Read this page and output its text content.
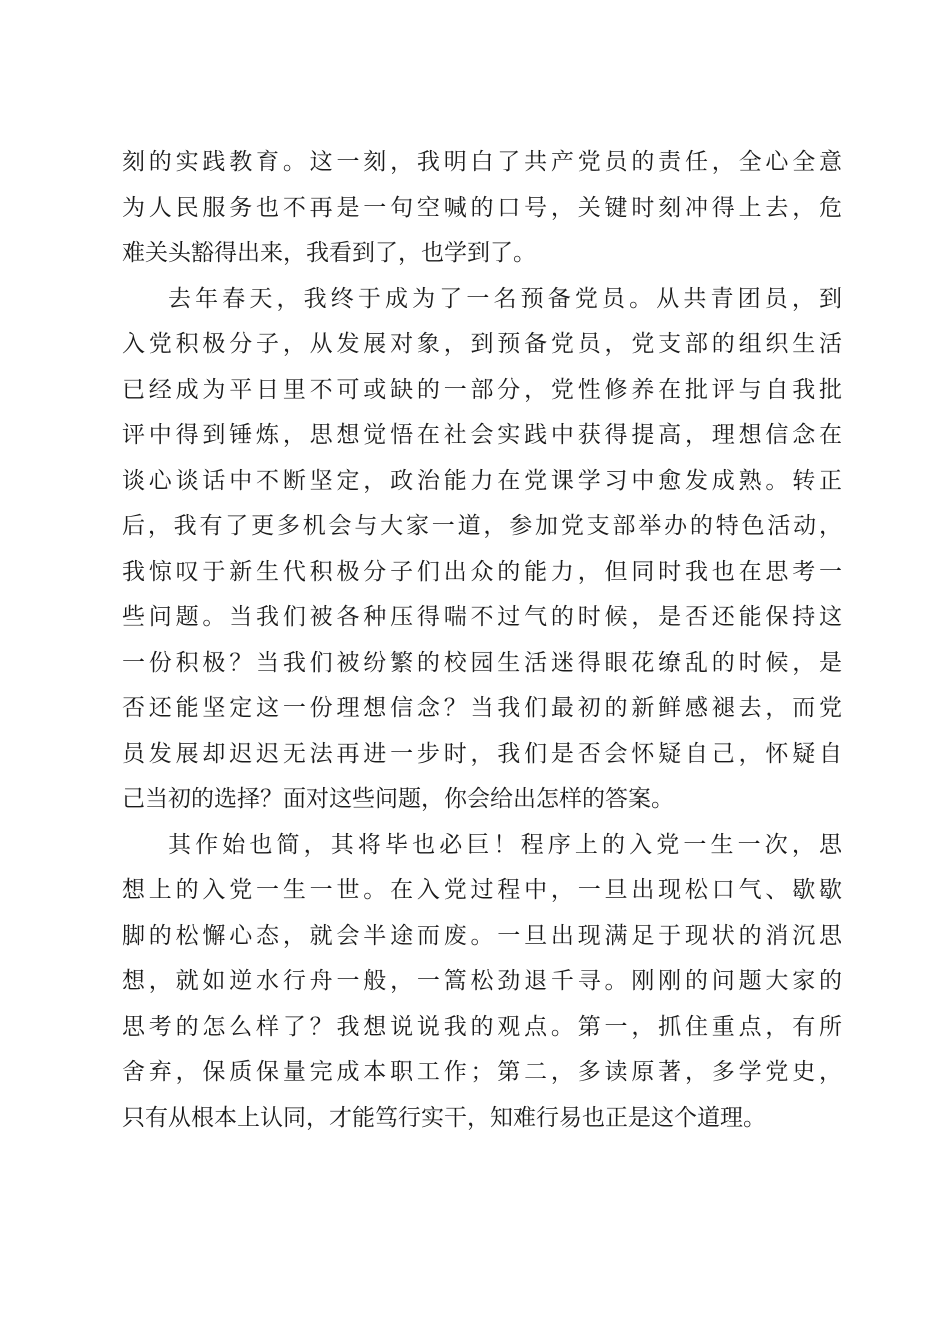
刻的实践教育。这一刻，我明白了共产党员的责任，全心全意
为人民服务也不再是一句空喊的口号，关键时刻冲得上去，危
难关头豁得出来，我看到了，也学到了。
去年春天，我终于成为了一名预备党员。从共青团员，到
入党积极分子，从发展对象，到预备党员，党支部的组织生活
已经成为平日里不可或缺的一部分，党性修养在批评与自我批
评中得到锤炼，思想觉悟在社会实践中获得提高，理想信念在
谈心谈话中不断坚定，政治能力在党课学习中愈发成熟。转正
后，我有了更多机会与大家一道，参加党支部举办的特色活动，
我惊叹于新生代积极分子们出众的能力，但同时我也在思考一
些问题。当我们被各种压得喘不过气的时候，是否还能保持这
一份积极？当我们被纷繁的校园生活迷得眼花缭乱的时候，是
否还能坚定这一份理想信念？当我们最初的新鲜感褪去，而党
员发展却迟迟无法再进一步时，我们是否会怀疑自己，怀疑自
己当初的选择？面对这些问题，你会给出怎样的答案。
其作始也简，其将毕也必巨！程序上的入党一生一次，思
想上的入党一生一世。在入党过程中，一旦出现松口气、歇歇
脚的松懈心态，就会半途而废。一旦出现满足于现状的消沉思
想，就如逆水行舟一般，一篙松劲退千寻。刚刚的问题大家的
思考的怎么样了？我想说说我的观点。第一，抓住重点，有所
舍弃，保质保量完成本职工作；第二，多读原著，多学党史，
只有从根本上认同，才能笃行实干，知难行易也正是这个道理。
